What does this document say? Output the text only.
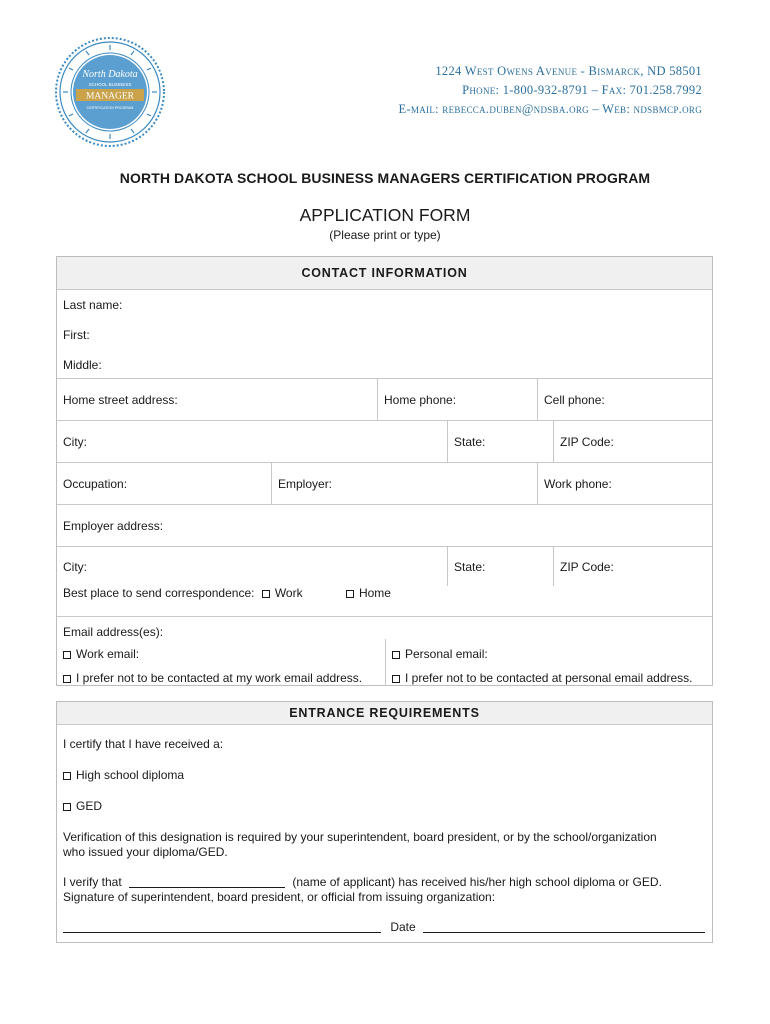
North Dakota
SCHOOL BUSINESS
MANAGER
CERTIFICATION PROGRAM
1224 West Owens Avenue - Bismarck, ND 58501
Phone: 1-800-932-8791 – Fax: 701.258.7992
E-mail: rebecca.duben@ndsba.org – Web: ndsbmcp.org
NORTH DAKOTA SCHOOL BUSINESS MANAGERS CERTIFICATION PROGRAM
APPLICATION FORM
(Please print or type)
CONTACT INFORMATION
Last name:
First:
Middle:
Home street address:	Home phone:	Cell phone:
City:	State:	ZIP Code:
Occupation:	Employer:	Work phone:
Employer address:
City:	State:	ZIP Code:
Best place to send correspondence: Work	Home
Email address(es):
Work email:	Personal email:
I prefer not to be contacted at my work email address.	I prefer not to be contacted at personal email address.
ENTRANCE REQUIREMENTS
I certify that I have received a:
High school diploma
GED
Verification of this designation is required by your superintendent, board president, or by the school/organization
who issued your diploma/GED.
I verify that	(name of applicant) has received his/her high school diploma or GED.
Signature of superintendent, board president, or official from issuing organization:
Date
